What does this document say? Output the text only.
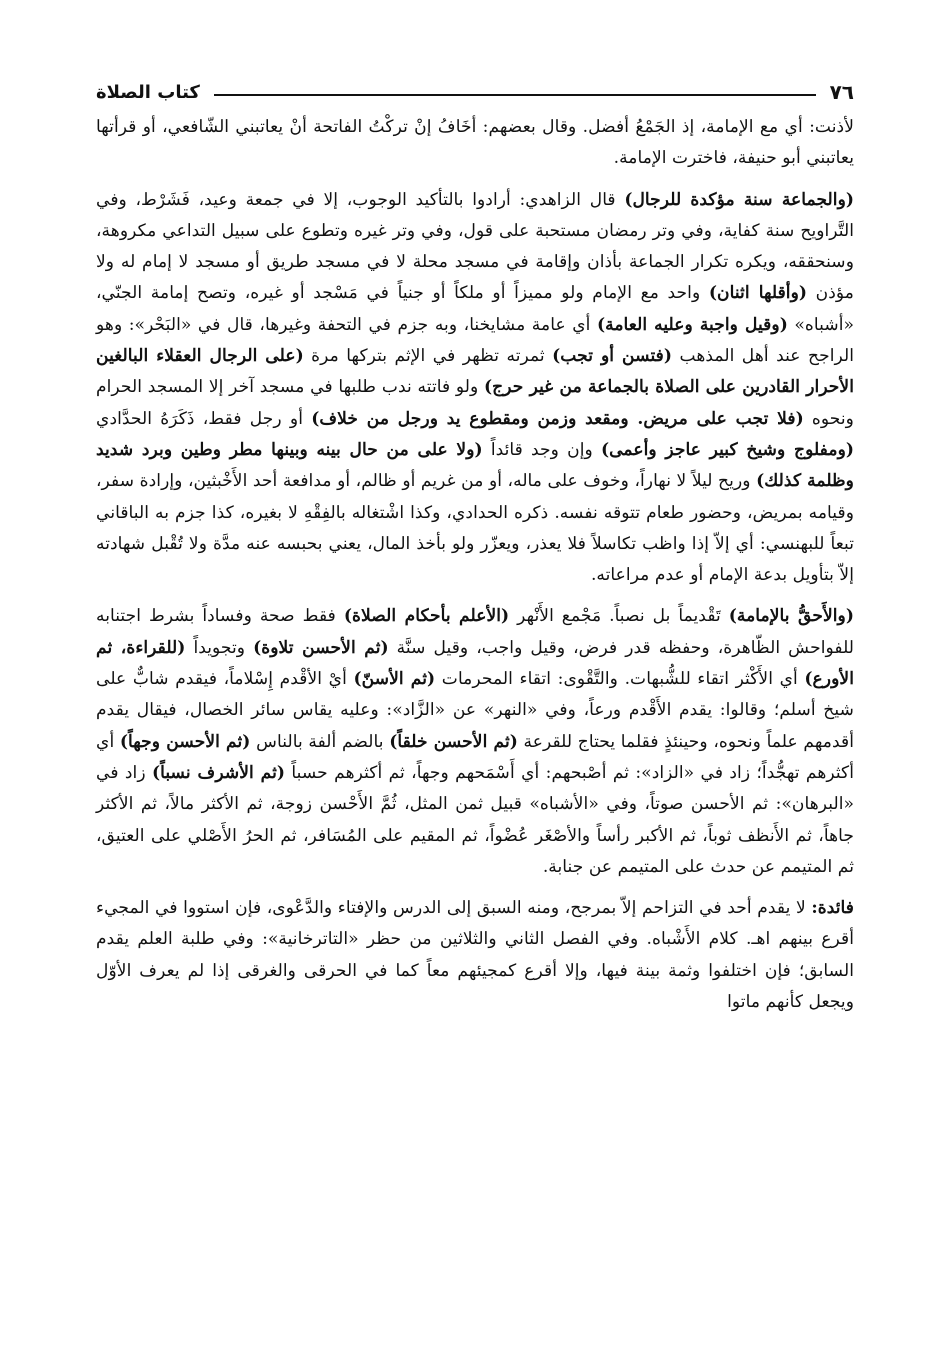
٧٦
كتاب الصلاة

لأذنت: أي مع الإمامة، إذ الجَمْعُ أفضل. وقال بعضهم: أخَافُ إنْ تركْتُ الفاتحة أنْ يعاتبني الشّافعي، أو قرأتها يعاتبني أبو حنيفة، فاخترت الإمامة.

(والجماعة سنة مؤكدة للرجال) قال الزاهدي: أرادوا بالتأكيد الوجوب، إلا في جمعة وعيد، فَشَرْط، وفي التَّراويح سنة كفاية، وفي وتر رمضان مستحبة على قول، وفي وتر غيره وتطوع على سبيل التداعي مكروهة، وسنحققه، ويكره تكرار الجماعة بأذان وإقامة في مسجد محلة لا في مسجد طريق أو مسجد لا إمام له ولا مؤذن (وأقلها اثنان) واحد مع الإمام ولو مميزاً أو ملكاً أو جنياً في مَسْجد أو غيره، وتصح إمامة الجنّي، «أشباه» (وقيل واجبة وعليه العامة) أي عامة مشايخنا، وبه جزم في التحفة وغيرها، قال في «البَحْر»: وهو الراجح عند أهل المذهب (فتسن أو تجب) ثمرته تظهر في الإثم بتركها مرة (على الرجال العقلاء البالغين الأحرار القادرين على الصلاة بالجماعة من غير حرج) ولو فاتته ندب طلبها في مسجد آخر إلا المسجد الحرام ونحوه (فلا تجب على مريض. ومقعد وزمن ومقطوع يد ورجل من خلاف) أو رجل فقط، ذَكَرَهُ الحدَّادي (ومفلوج وشيخ كبير عاجز وأعمى) وإن وجد قائداً (ولا على من حال بينه وبينها مطر وطين وبرد شديد وظلمة كذلك) وريح ليلاً لا نهاراً، وخوف على ماله، أو من غريم أو ظالم، أو مدافعة أحد الأَخْبثين، وإرادة سفر، وقيامه بمريض، وحضور طعام تتوقه نفسه. ذكره الحدادي، وكذا اشْتغاله بالفِقْهِ لا بغيره، كذا جزم به الباقاني تبعاً للبهنسي: أي إلاّ إذا واظب تكاسلاً فلا يعذر، ويعزّر ولو بأخذ المال، يعني بحبسه عنه مدَّة ولا تُقْبل شهادته إلاّ بتأويل بدعة الإمام أو عدم مراعاته.

(والأَحقُّ بالإمامة) تَقْديماً بل نصباً. مَجْمع الأَنْهر (الأعلم بأحكام الصلاة) فقط صحة وفساداً بشرط اجتنابه للفواحش الظّاهرة، وحفظه قدر فرض، وقيل واجب، وقيل سنَّة (ثم الأحسن تلاوة) وتجويداً (للقراءة، ثم الأورع) أي الأَكْثر اتقاء للشُّبهات. والتَّقْوى: اتقاء المحرمات (ثم الأسنّ) أيْ الأقْدم إِسْلاماً، فيقدم شابٌّ على شيخ أسلم؛ وقالوا: يقدم الأَقْدم ورعاً، وفي «النهر» عن «الزَّاد»: وعليه يقاس سائر الخصال، فيقال يقدم أقدمهم علماً ونحوه، وحينئذٍ فقلما يحتاج للقرعة (ثم الأحسن خلقاً) بالضم ألفة بالناس (ثم الأحسن وجهاً) أي أكثرهم تهجُّداً؛ زاد في «الزاد»: ثم أصْبحهم: أي أَسْمَحهم وجهاً، ثم أكثرهم حسباً (ثم الأشرف نسباً) زاد في «البرهان»: ثم الأحسن صوتاً، وفي «الأشباه» قبيل ثمن المثل، ثُمَّ الأَحْسن زوجة، ثم الأكثر مالاً، ثم الأكثر جاهاً، ثم الأَنظف ثوباً، ثم الأكبر رأساً والأصْغَر عُضْواً، ثم المقيم على المُسَافر، ثم الحرُ الأَصْلي على العتيق، ثم المتيمم عن حدث على المتيمم عن جنابة.

فائدة: لا يقدم أحد في التزاحم إلاّ بمرجح، ومنه السبق إلى الدرس والإفتاء والدَّعْوى، فإن استووا في المجيء أقرع بينهم اهـ. كلام الأَشْباه. وفي الفصل الثاني والثلاثين من حظر «التاترخانية»: وفي طلبة العلم يقدم السابق؛ فإن اختلفوا وثمة بينة فيها، وإلا أقرع كمجيئهم معاً كما في الحرقى والغرقى إذا لم يعرف الأوّل ويجعل كأنهم ماتوا
